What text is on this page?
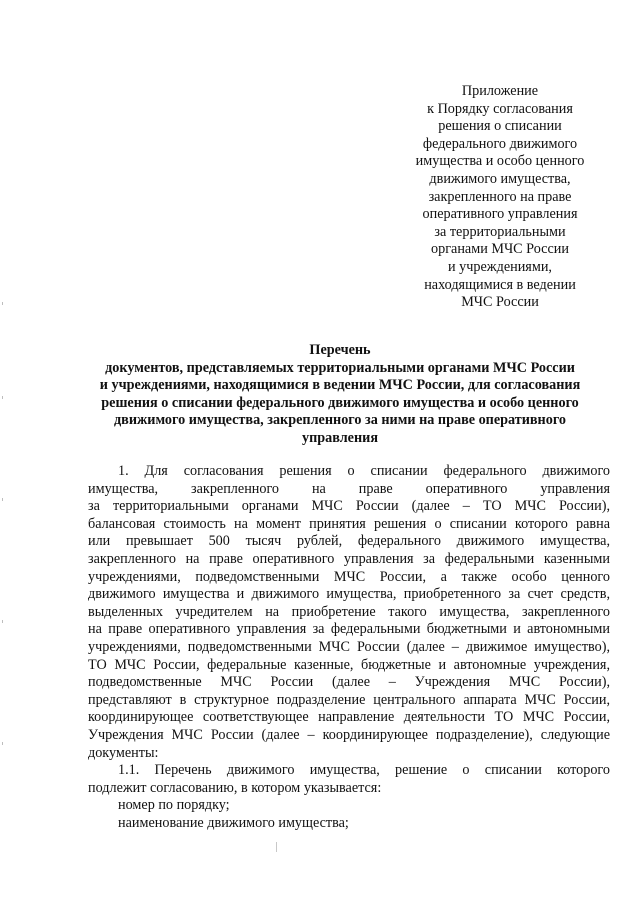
Приложение
к Порядку согласования
решения о списании
федерального движимого
имущества и особо ценного
движимого имущества,
закрепленного на праве
оперативного управления
за территориальными
органами МЧС России
и учреждениями,
находящимися в ведении
МЧС России
Перечень
документов, представляемых территориальными органами МЧС России
и учреждениями, находящимися в ведении МЧС России, для согласования
решения о списании федерального движимого имущества и особо ценного
движимого имущества, закрепленного за ними на праве оперативного
управления
1. Для согласования решения о списании федерального движимого
имущества, закрепленного на праве оперативного управления
за территориальными органами МЧС России (далее – ТО МЧС России),
балансовая стоимость на момент принятия решения о списании которого равна
или превышает 500 тысяч рублей, федерального движимого имущества,
закрепленного на праве оперативного управления за федеральными казенными
учреждениями, подведомственными МЧС России, а также особо ценного
движимого имущества и движимого имущества, приобретенного за счет средств,
выделенных учредителем на приобретение такого имущества, закрепленного
на праве оперативного управления за федеральными бюджетными и автономными
учреждениями, подведомственными МЧС России (далее – движимое имущество),
ТО МЧС России, федеральные казенные, бюджетные и автономные учреждения,
подведомственные МЧС России (далее – Учреждения МЧС России),
представляют в структурное подразделение центрального аппарата МЧС России,
координирующее соответствующее направление деятельности ТО МЧС России,
Учреждения МЧС России (далее – координирующее подразделение), следующие
документы:
1.1. Перечень движимого имущества, решение о списании которого
подлежит согласованию, в котором указывается:
номер по порядку;
наименование движимого имущества;
